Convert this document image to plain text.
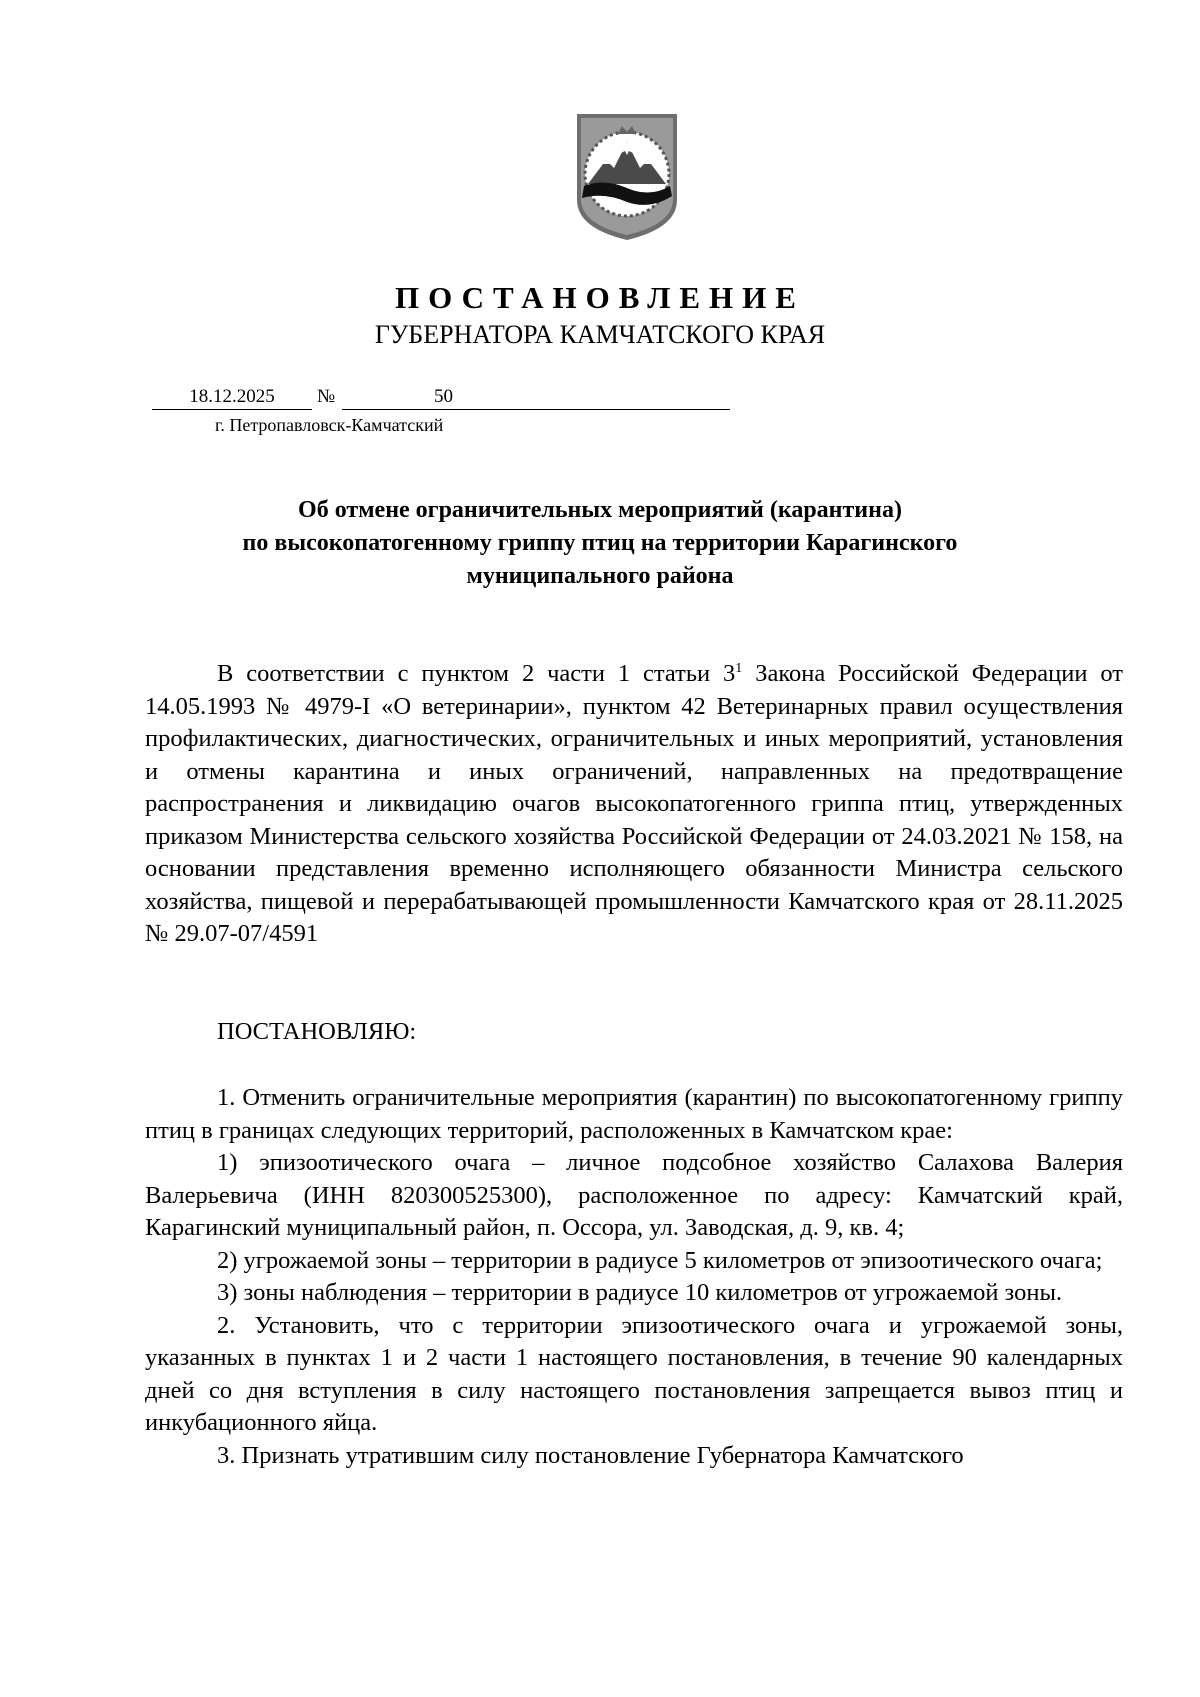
ПОСТАНОВЛЕНИЕ
ГУБЕРНАТОРА КАМЧАТСКОГО КРАЯ
18.12.2025	№	50
г. Петропавловск-Камчатский
Об отмене ограничительных мероприятий (карантина)
по высокопатогенному гриппу птиц на территории Карагинского
муниципального района

В соответствии с пунктом 2 части 1 статьи $3^1$ Закона Российской Федерации от 14.05.1993 № 4979-I «О ветеринарии», пунктом 42 Ветеринарных правил осуществления профилактических, диагностических, ограничительных и иных мероприятий, установления и отмены карантина и иных ограничений, направленных на предотвращение распространения и ликвидацию очагов высокопатогенного гриппа птиц, утвержденных приказом Министерства сельского хозяйства Российской Федерации от 24.03.2021 № 158, на основании представления временно исполняющего обязанности Министра сельского хозяйства, пищевой и перерабатывающей промышленности Камчатского края от 28.11.2025 № 29.07-07/4591

ПОСТАНОВЛЯЮ:

1. Отменить ограничительные мероприятия (карантин) по высокопатогенному гриппу птиц в границах следующих территорий, расположенных в Камчатском крае:

1) эпизоотического очага – личное подсобное хозяйство Салахова Валерия Валерьевича (ИНН 820300525300), расположенное по адресу: Камчатский край, Карагинский муниципальный район, п. Оссора, ул. Заводская, д. 9, кв. 4;

2) угрожаемой зоны – территории в радиусе 5 километров от эпизоотического очага;

3) зоны наблюдения – территории в радиусе 10 километров от угрожаемой зоны.

2. Установить, что с территории эпизоотического очага и угрожаемой зоны, указанных в пунктах 1 и 2 части 1 настоящего постановления, в течение 90 календарных дней со дня вступления в силу настоящего постановления запрещается вывоз птиц и инкубационного яйца.

3. Признать утратившим силу постановление Губернатора Камчатского
